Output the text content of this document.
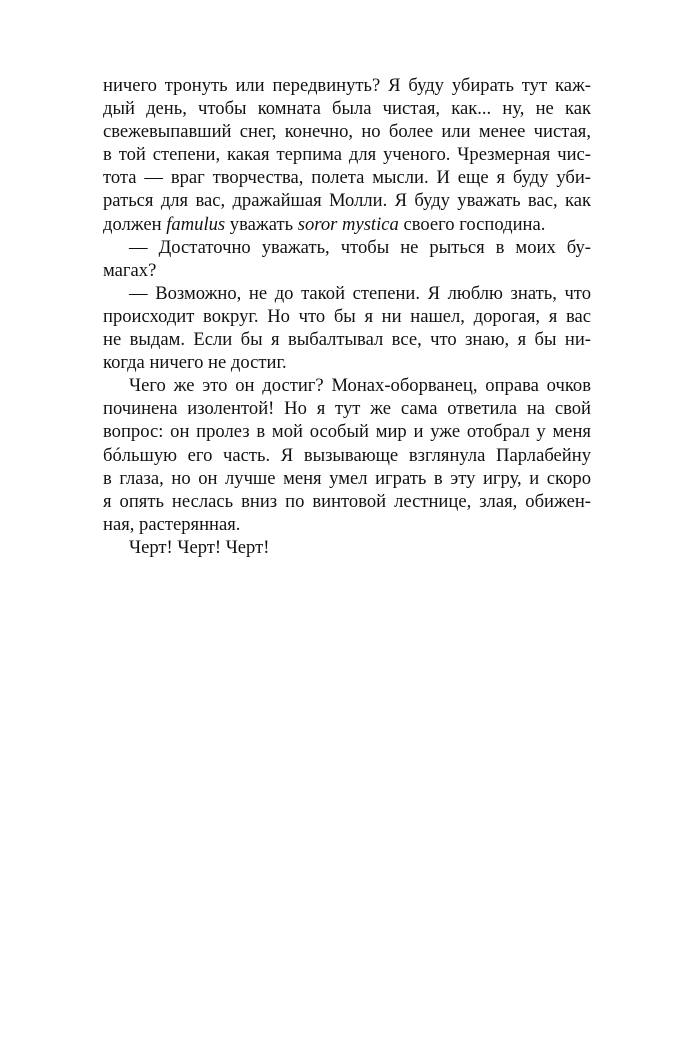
ничего тронуть или передвинуть? Я буду убирать тут каж-
дый день, чтобы комната была чистая, как... ну, не как
свежевыпавший снег, конечно, но более или менее чистая,
в той степени, какая терпима для ученого. Чрезмерная чис-
тота — враг творчества, полета мысли. И еще я буду уби-
раться для вас, дражайшая Молли. Я буду уважать вас, как
должен famulus уважать soror mystica своего господина.
— Достаточно уважать, чтобы не рыться в моих бу-
магах?
— Возможно, не до такой степени. Я люблю знать, что
происходит вокруг. Но что бы я ни нашел, дорогая, я вас
не выдам. Если бы я выбалтывал все, что знаю, я бы ни-
когда ничего не достиг.
Чего же это он достиг? Монах-оборванец, оправа очков
починена изолентой! Но я тут же сама ответила на свой
вопрос: он пролез в мой особый мир и уже отобрал у меня
бóльшую его часть. Я вызывающе взглянула Парлабейну
в глаза, но он лучше меня умел играть в эту игру, и скоро
я опять неслась вниз по винтовой лестнице, злая, обижен-
ная, растерянная.
Черт! Черт! Черт!
